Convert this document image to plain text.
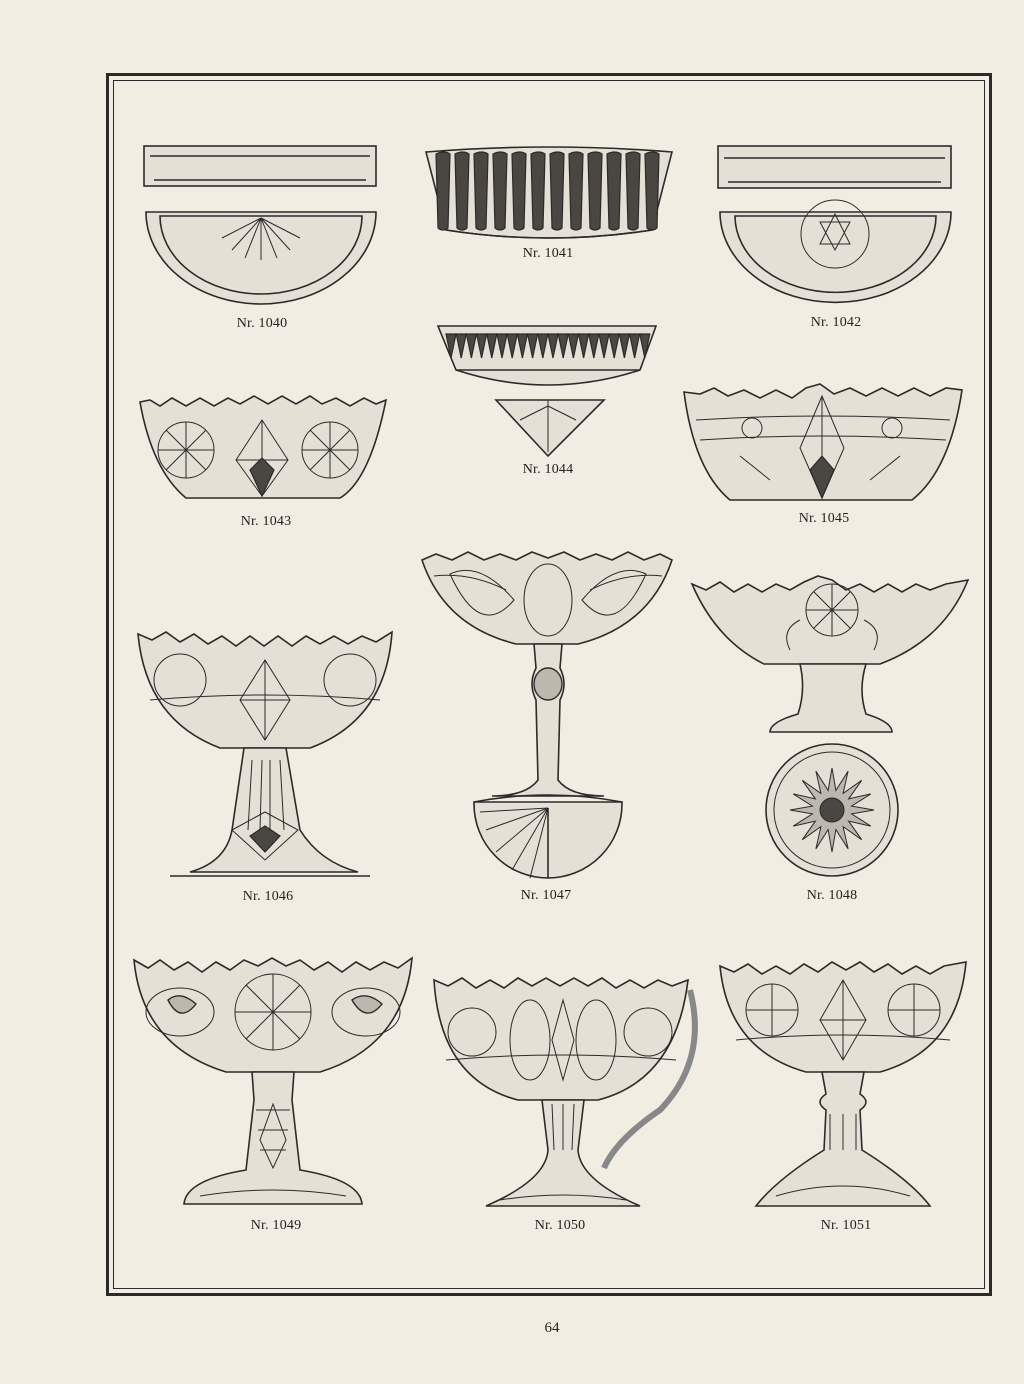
Nr. 1040
Nr. 1041
Nr. 1042
Nr. 1044
Nr. 1043	Nr. 1045
Nr. 1046	Nr. 1047	Nr. 1048
Nr. 1049	Nr. 1050	Nr. 1051
64
